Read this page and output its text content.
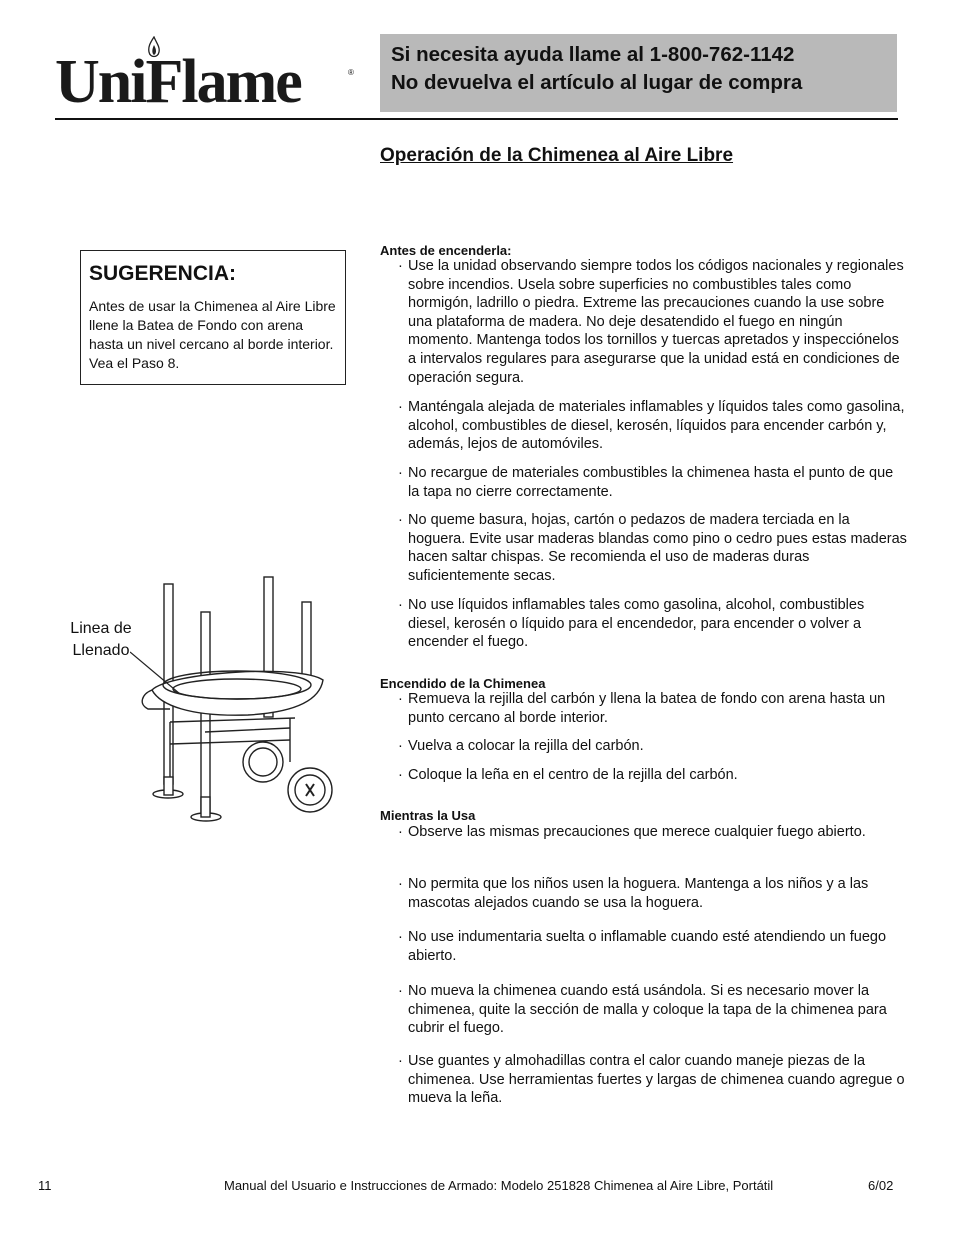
UniFlame	®
Si necesita ayuda llame al 1-800-762-1142
No devuelva el artículo al lugar de compra
Operación de la Chimenea al Aire Libre
SUGERENCIA:
Antes de usar la Chimenea al Aire Libre llene la Batea de Fondo con arena hasta un nivel cercano al borde interior. Vea el Paso 8.
Linea de Llenado
Antes de encenderla:
· Use la unidad observando siempre todos los códigos nacionales y regionales sobre incendios. Usela sobre superficies no combustibles tales como hormigón, ladrillo o piedra. Extreme las precauciones cuando la use sobre una plataforma de madera. No deje desatendido el fuego en ningún momento. Mantenga todos los tornillos y tuercas apretados y inspecciónelos a intervalos regulares para asegurarse que la unidad está en condiciones de operación segura.
· Manténgala alejada de materiales inflamables y líquidos tales como gasolina, alcohol, combustibles de diesel, kerosén, líquidos para encender carbón y, además, lejos de automóviles.
· No recargue de materiales combustibles la chimenea hasta el punto de que la tapa no cierre correctamente.
· No queme basura, hojas, cartón o pedazos de madera terciada en la hoguera. Evite usar maderas blandas como pino o cedro pues estas maderas hacen saltar chispas. Se recomienda el uso de maderas duras suficientemente secas.
· No use líquidos inflamables tales como gasolina, alcohol, combustibles diesel, kerosén o líquido para el encendedor, para encender o volver a encender el fuego.
Encendido de la Chimenea
· Remueva la rejilla del carbón y llena la batea de fondo con arena hasta un punto cercano al borde interior.
· Vuelva a colocar la rejilla del carbón.
· Coloque la leña en el centro de la rejilla del carbón.
Mientras la Usa
· Observe las mismas precauciones que merece cualquier fuego abierto.
· No permita que los niños usen la hoguera. Mantenga a los niños y a las mascotas alejados cuando se usa la hoguera.
· No use indumentaria suelta o inflamable cuando esté atendiendo un fuego abierto.
· No mueva la chimenea cuando está usándola. Si es necesario mover la chimenea, quite la sección de malla y coloque la tapa de la chimenea para cubrir el fuego.
· Use guantes y almohadillas contra el calor cuando maneje piezas de la chimenea. Use herramientas fuertes y largas de chimenea cuando agregue o mueva la leña.
11	Manual del Usuario e Instrucciones de Armado: Modelo 251828 Chimenea al Aire Libre, Portátil	6/02
